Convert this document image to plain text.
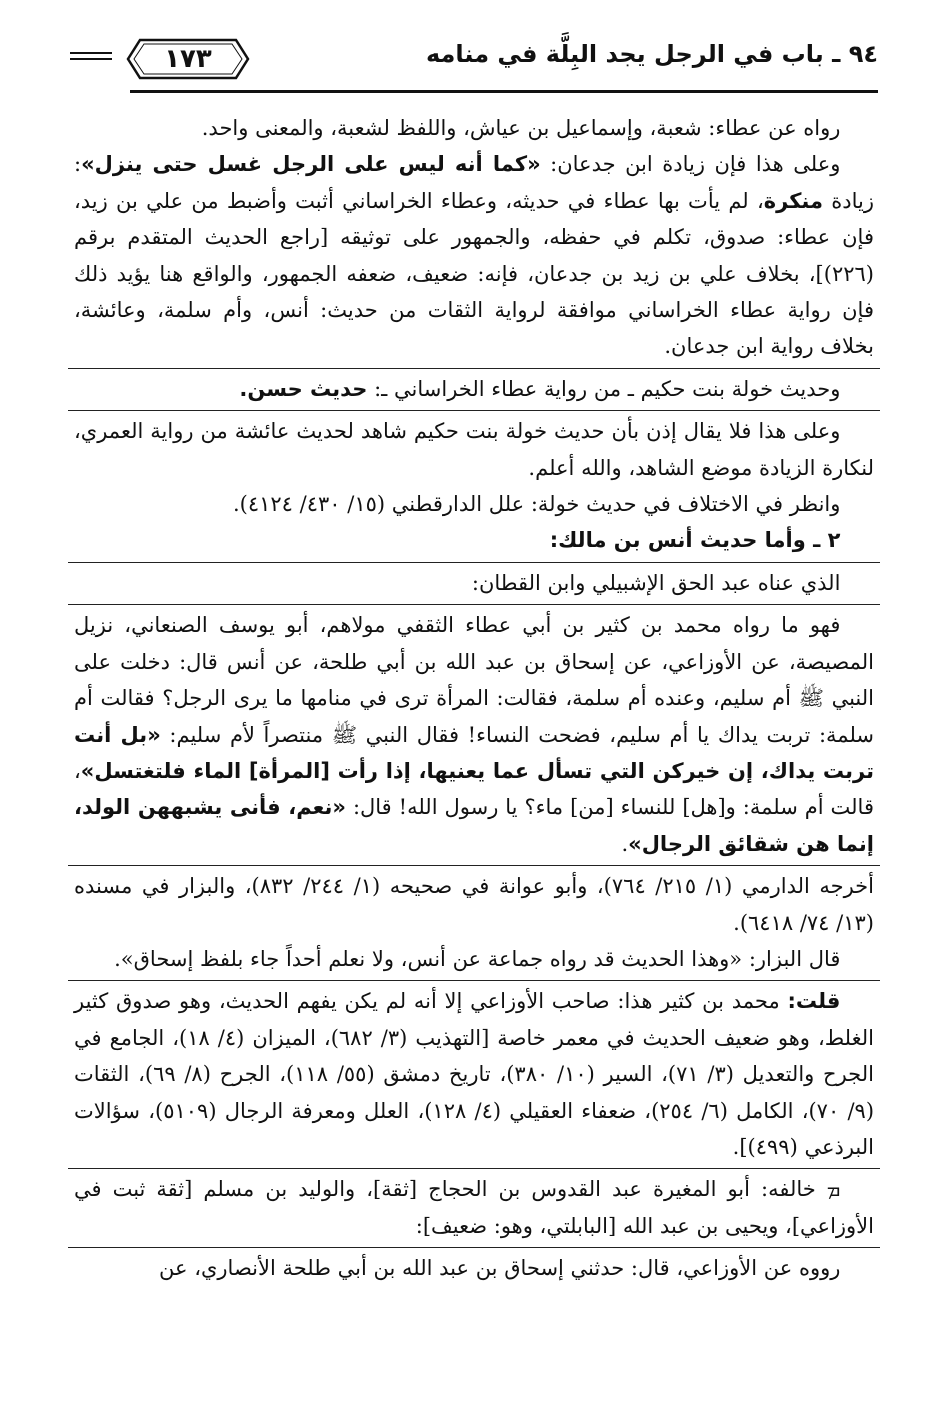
٩٤ ـ باب في الرجل يجد البِلَّة في منامه
١٧٣

رواه عن عطاء: شعبة، وإسماعيل بن عياش، واللفظ لشعبة، والمعنى واحد.

وعلى هذا فإن زيادة ابن جدعان: «كما أنه ليس على الرجل غسل حتى ينزل»: زيادة منكرة، لم يأت بها عطاء في حديثه، وعطاء الخراساني أثبت وأضبط من علي بن زيد، فإن عطاء: صدوق، تكلم في حفظه، والجمهور على توثيقه [راجع الحديث المتقدم برقم (٢٢٦)]، بخلاف علي بن زيد بن جدعان، فإنه: ضعيف، ضعفه الجمهور، والواقع هنا يؤيد ذلك فإن رواية عطاء الخراساني موافقة لرواية الثقات من حديث: أنس، وأم سلمة، وعائشة، بخلاف رواية ابن جدعان.

وحديث خولة بنت حكيم ـ من رواية عطاء الخراساني ـ: حديث حسن.

وعلى هذا فلا يقال إذن بأن حديث خولة بنت حكيم شاهد لحديث عائشة من رواية العمري، لنكارة الزيادة موضع الشاهد، والله أعلم.

وانظر في الاختلاف في حديث خولة: علل الدارقطني (١٥/ ٤٣٠/ ٤١٢٤).

٢ ـ وأما حديث أنس بن مالك:

الذي عناه عبد الحق الإشبيلي وابن القطان:

فهو ما رواه محمد بن كثير بن أبي عطاء الثقفي مولاهم، أبو يوسف الصنعاني، نزيل المصيصة، عن الأوزاعي، عن إسحاق بن عبد الله بن أبي طلحة، عن أنس قال: دخلت على النبي ﷺ أم سليم، وعنده أم سلمة، فقالت: المرأة ترى في منامها ما يرى الرجل؟ فقالت أم سلمة: تربت يداك يا أم سليم، فضحت النساء! فقال النبي ﷺ منتصراً لأم سليم: «بل أنت تربت يداك، إن خيركن التي تسأل عما يعنيها، إذا رأت [المرأة] الماء فلتغتسل»، قالت أم سلمة: و[هل] للنساء [من] ماء؟ يا رسول الله! قال: «نعم، فأنى يشبههن الولد، إنما هن شقائق الرجال».

أخرجه الدارمي (١/ ٢١٥/ ٧٦٤)، وأبو عوانة في صحيحه (١/ ٢٤٤/ ٨٣٢)، والبزار في مسنده (١٣/ ٧٤/ ٦٤١٨).

قال البزار: «وهذا الحديث قد رواه جماعة عن أنس، ولا نعلم أحداً جاء بلفظ إسحاق».

قلت: محمد بن كثير هذا: صاحب الأوزاعي إلا أنه لم يكن يفهم الحديث، وهو صدوق كثير الغلط، وهو ضعيف الحديث في معمر خاصة [التهذيب (٣/ ٦٨٢)، الميزان (٤/ ١٨)، الجامع في الجرح والتعديل (٣/ ٧١)، السير (١٠/ ٣٨٠)، تاريخ دمشق (٥٥/ ١١٨)، الجرح (٨/ ٦٩)، الثقات (٩/ ٧٠)، الكامل (٦/ ٢٥٤)، ضعفاء العقيلي (٤/ ١٢٨)، العلل ومعرفة الرجال (٥١٠٩)، سؤالات البرذعي (٤٩٩)].

ܡ خالفه: أبو المغيرة عبد القدوس بن الحجاج [ثقة]، والوليد بن مسلم [ثقة ثبت في الأوزاعي]، ويحيى بن عبد الله [البابلتي، وهو: ضعيف]:

رووه عن الأوزاعي، قال: حدثني إسحاق بن عبد الله بن أبي طلحة الأنصاري، عن
